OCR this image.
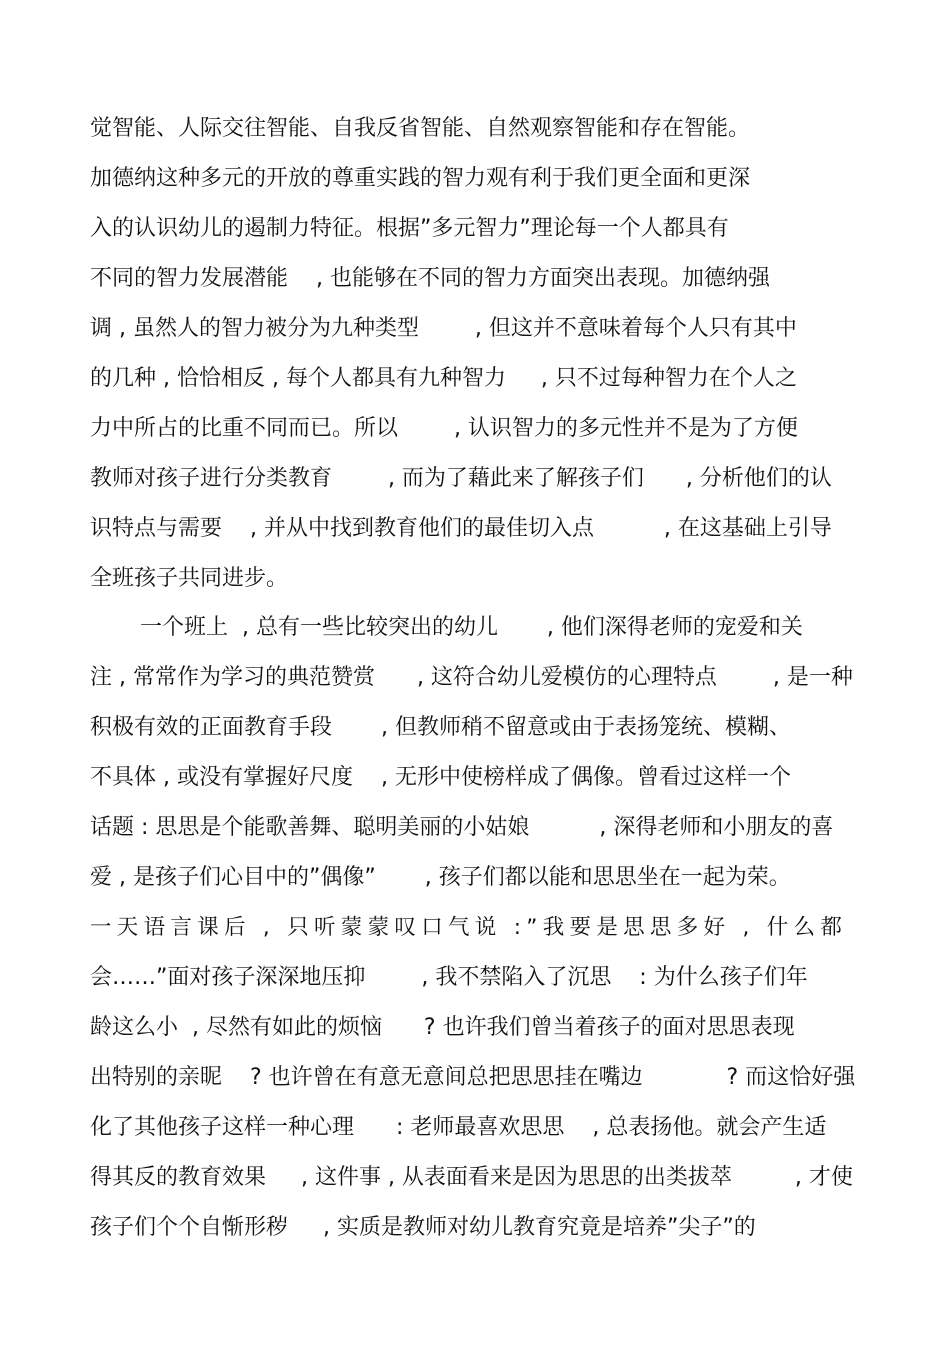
觉智能、人际交往智能、自我反省智能、自然观察智能和存在智能。
加德纳这种多元的开放的尊重实践的智力观有利于我们更全面和更深
入的认识幼儿的遏制力特征。根据”多元智力”理论每一个人都具有
不同的智力发展潜能    , 也能够在不同的智力方面突出表现。加德纳强
调 , 虽然人的智力被分为九种类型        , 但这并不意味着每个人只有其中
的几种 , 恰恰相反 , 每个人都具有九种智力     , 只不过每种智力在个人之
力中所占的比重不同而已。所以        , 认识智力的多元性并不是为了方便
教师对孩子进行分类教育        , 而为了藉此来了解孩子们      , 分析他们的认
识特点与需要    , 并从中找到教育他们的最佳切入点          , 在这基础上引导
全班孩子共同进步。
一个班上  , 总有一些比较突出的幼儿       , 他们深得老师的宠爱和关
注 , 常常作为学习的典范赞赏      , 这符合幼儿爱模仿的心理特点        , 是一种
积极有效的正面教育手段       , 但教师稍不留意或由于表扬笼统、模糊、
不具体 , 或没有掌握好尺度    , 无形中使榜样成了偶像。曾看过这样一个
话题 : 思思是个能歌善舞、聪明美丽的小姑娘          , 深得老师和小朋友的喜
爱 , 是孩子们心目中的”偶像”       , 孩子们都以能和思思坐在一起为荣。
一天语言课后 , 只听蒙蒙叹口气说 :”我要是思思多好 , 什么都
会……”面对孩子深深地压抑        , 我不禁陷入了沉思    : 为什么孩子们年
龄这么小  , 尽然有如此的烦恼      ? 也许我们曾当着孩子的面对思思表现
出特别的亲昵    ? 也许曾在有意无意间总把思思挂在嘴边            ? 而这恰好强
化了其他孩子这样一种心理      : 老师最喜欢思思    , 总表扬他。就会产生适
得其反的教育效果     , 这件事 , 从表面看来是因为思思的出类拔萃         , 才使
孩子们个个自惭形秽     , 实质是教师对幼儿教育究竟是培养”尖子”的
